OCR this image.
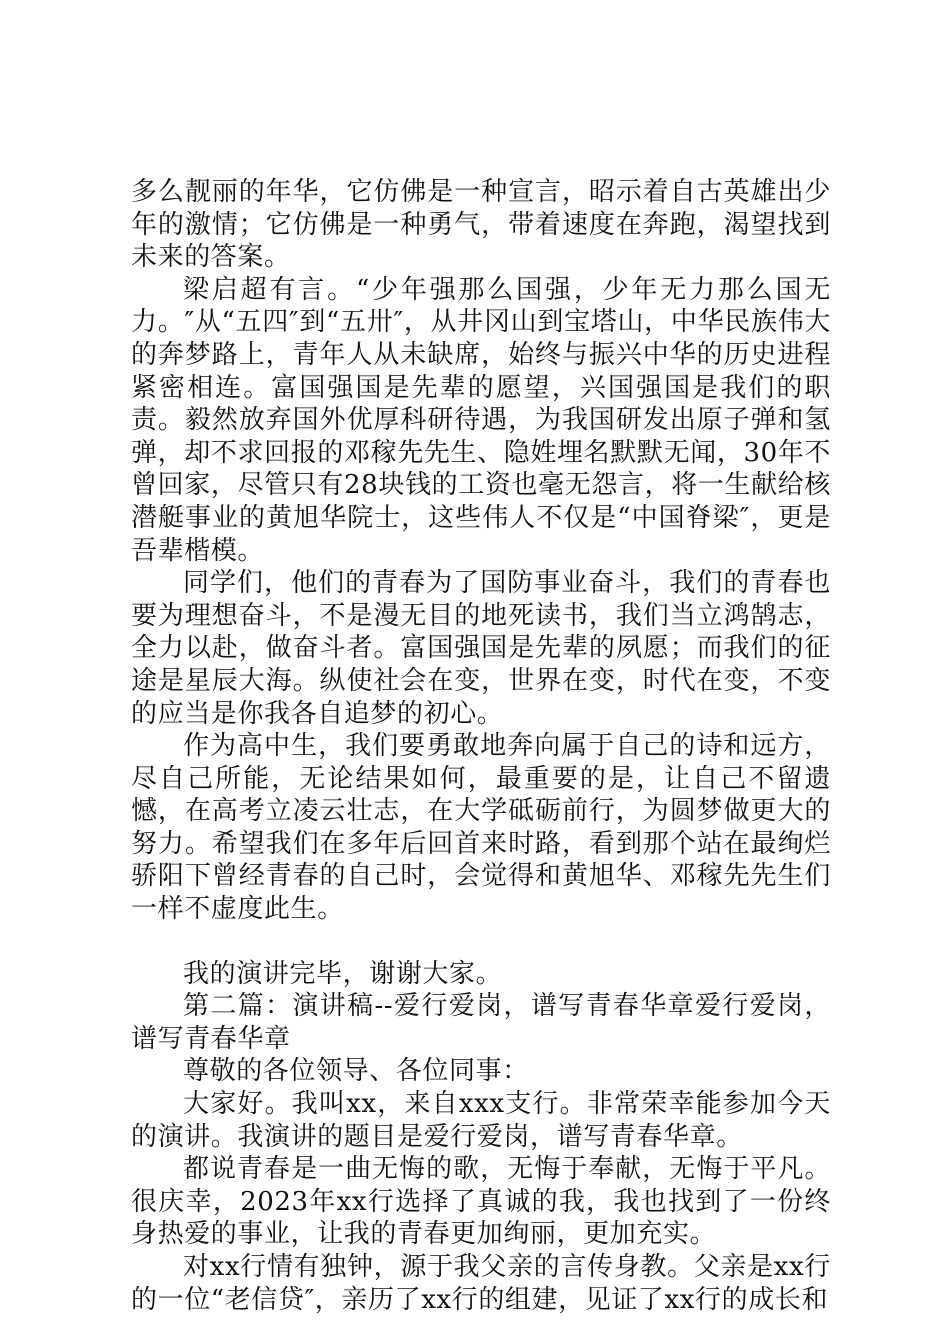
多么靓丽的年华，它仿佛是一种宣言，昭示着自古英雄出少年的激情；它仿佛是一种勇气，带着速度在奔跑，渴望找到未来的答案。

梁启超有言。“少年强那么国强，少年无力那么国无力。″从“五四″到“五卅″，从井冈山到宝塔山，中华民族伟大的奔梦路上，青年人从未缺席，始终与振兴中华的历史进程紧密相连。富国强国是先辈的愿望，兴国强国是我们的职责。毅然放弃国外优厚科研待遇，为我国研发出原子弹和氢弹，却不求回报的邓稼先先生、隐姓埋名默默无闻，30年不曾回家，尽管只有28块钱的工资也毫无怨言，将一生献给核潜艇事业的黄旭华院士，这些伟人不仅是“中国脊梁″，更是吾辈楷模。

同学们，他们的青春为了国防事业奋斗，我们的青春也要为理想奋斗，不是漫无目的地死读书，我们当立鸿鹄志，全力以赴，做奋斗者。富国强国是先辈的夙愿；而我们的征途是星辰大海。纵使社会在变，世界在变，时代在变，不变的应当是你我各自追梦的初心。

作为高中生，我们要勇敢地奔向属于自己的诗和远方，尽自己所能，无论结果如何，最重要的是，让自己不留遗憾，在高考立凌云壮志，在大学砥砺前行，为圆梦做更大的努力。希望我们在多年后回首来时路，看到那个站在最绚烂骄阳下曾经青春的自己时，会觉得和黄旭华、邓稼先先生们一样不虚度此生。

我的演讲完毕，谢谢大家。

第二篇：演讲稿--爱行爱岗，谱写青春华章爱行爱岗，谱写青春华章

尊敬的各位领导、各位同事：

大家好。我叫xx，来自xxx支行。非常荣幸能参加今天的演讲。我演讲的题目是爱行爱岗，谱写青春华章。

都说青春是一曲无悔的歌，无悔于奉献，无悔于平凡。很庆幸，2023年xx行选择了真诚的我，我也找到了一份终身热爱的事业，让我的青春更加绚丽，更加充实。

对xx行情有独钟，源于我父亲的言传身教。父亲是xx行的一位“老信贷″，亲历了xx行的组建，见证了xx行的成长和
